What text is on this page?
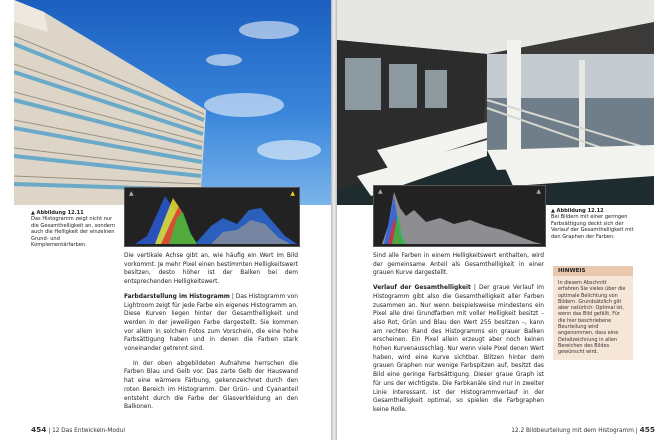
▲	▲
▲ Abbildung 12.11
Das Histogramm zeigt nicht nur die Gesamthelligkeit an, sondern auch die Helligkeit der einzelnen Grund- und Komplementärfarben.

Die vertikale Achse gibt an, wie häufig ein Wert im Bild vorkommt. Je mehr Pixel einen bestimmten Helligkeitswert besitzen, desto höher ist der Balken bei dem entsprechenden Helligkeitswert.

Farbdarstellung im Histogramm | Das Histogramm von Lightroom zeigt für jede Farbe ein eigenes Histogramm an. Diese Kurven liegen hinter der Gesamthelligkeit und werden in der jeweiligen Farbe dargestellt. Sie kommen vor allem in solchen Fotos zum Vorschein, die eine hohe Farbsättigung haben und in denen die Farben stark voneinander getrennt sind.

In der oben abgebildeten Aufnahme herrschen die Farben Blau und Gelb vor. Das zarte Gelb der Hauswand hat eine wärmere Färbung, gekennzeichnet durch den roten Bereich im Histogramm. Der Grün- und Cyananteil entsteht durch die Farbe der Glasverkleidung an den Balkonen.

454 | 12 Das Entwickeln-Modul
▲	▲
▲ Abbildung 12.12
Bei Bildern mit einer geringen Farbsättigung deckt sich der Verlauf der Gesamthelligkeit mit den Graphen der Farben.

Sind alle Farben in einem Helligkeitswert enthalten, wird der gemeinsame Anteil als Gesamthelligkeit in einer grauen Kurve dargestellt.

Verlauf der Gesamthelligkeit | Der graue Verlauf im Histogramm gibt also die Gesamthelligkeit aller Farben zusammen an. Nur wenn beispielsweise mindestens ein Pixel alle drei Grundfarben mit voller Helligkeit besitzt – also Rot, Grün und Blau den Wert 255 besitzen –, kann am rechten Rand des Histogramms ein grauer Balken erscheinen. Ein Pixel allein erzeugt aber noch keinen hohen Kurvenausschlag. Nur wenn viele Pixel denen Wert haben, wird eine Kurve sichtbar. Blitzen hinter dem grauen Graphen nur wenige Farbspitzen auf, besitzt das Bild eine geringe Farbsättigung. Dieser graue Graph ist für uns der wichtigste. Die Farbkanäle sind nur in zweiter Linie interessant. Ist der Histogrammverlauf in der Gesamthelligkeit optimal, so spielen die Farbgraphen keine Rolle.

HINWEIS
In diesem Abschnitt erfahren Sie vieles über die optimale Belichtung von Bildern. Grundsätzlich gilt aber natürlich: Optimal ist, wenn das Bild gefällt. Für die hier beschriebene Beurteilung wird angenommen, dass eine Detailzeichnung in allen Bereichen des Bildes gewünscht wird.
12.2 Bildbeurteilung mit dem Histogramm | 455
